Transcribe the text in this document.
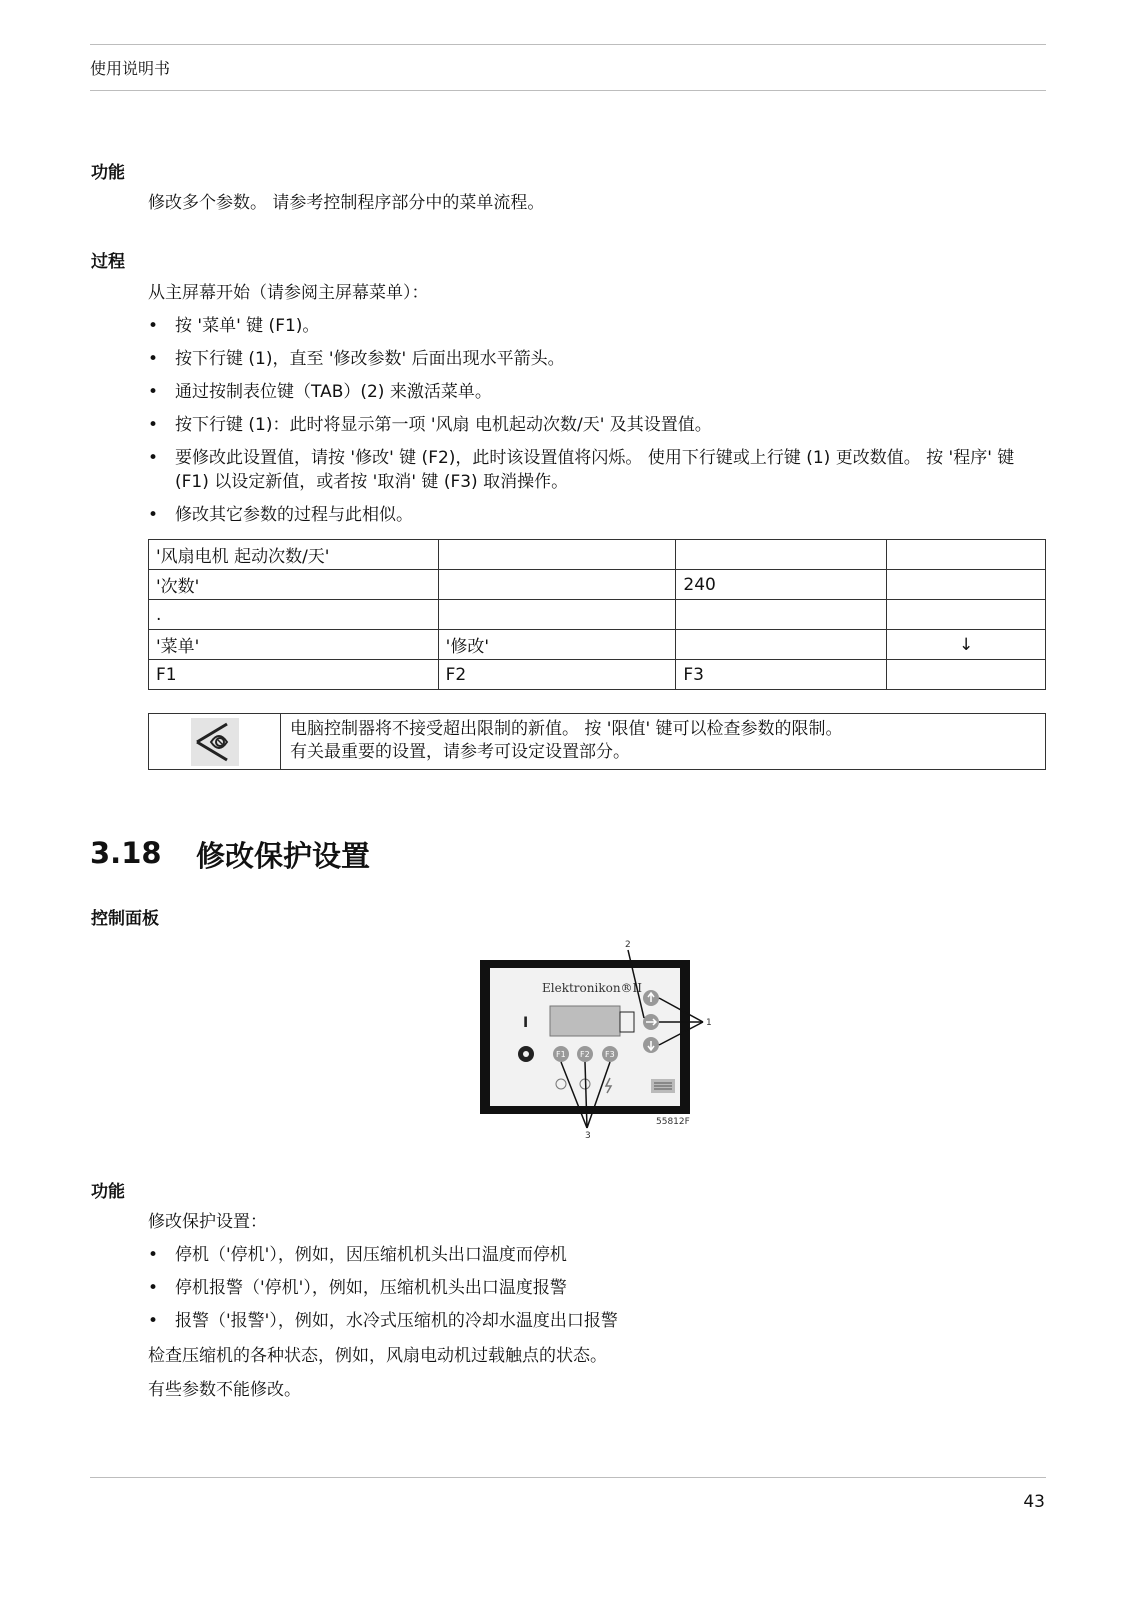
使用说明书
功能
修改多个参数。 请参考控制程序部分中的菜单流程。
过程
从主屏幕开始（请参阅主屏幕菜单）：
• 按 '菜单' 键 (F1)。
• 按下行键 (1)，直至 '修改参数' 后面出现水平箭头。
• 通过按制表位键（TAB）(2) 来激活菜单。
• 按下行键 (1)：此时将显示第一项 '风扇 电机起动次数/天' 及其设置值。
• 要修改此设置值，请按 '修改' 键 (F2)，此时该设置值将闪烁。 使用下行键或上行键 (1) 更改数值。 按 '程序' 键 (F1) 以设定新值，或者按 '取消' 键 (F3) 取消操作。
• 修改其它参数的过程与此相似。
'风扇电机 起动次数/天'			
'次数'		240	
.			
'菜单'	'修改'		↓
F1	F2	F3	
电脑控制器将不接受超出限制的新值。 按 '限值' 键可以检查参数的限制。
有关最重要的设置，请参考可设定设置部分。
3.18 修改保护设置
控制面板
Elektronikon®II
I
F1 F2 F3
2
1
3
55812F
功能
修改保护设置：
• 停机（'停机'），例如，因压缩机机头出口温度而停机
• 停机报警（'停机'），例如，压缩机机头出口温度报警
• 报警（'报警'），例如，水冷式压缩机的冷却水温度出口报警
检查压缩机的各种状态，例如，风扇电动机过载触点的状态。
有些参数不能修改。
43
